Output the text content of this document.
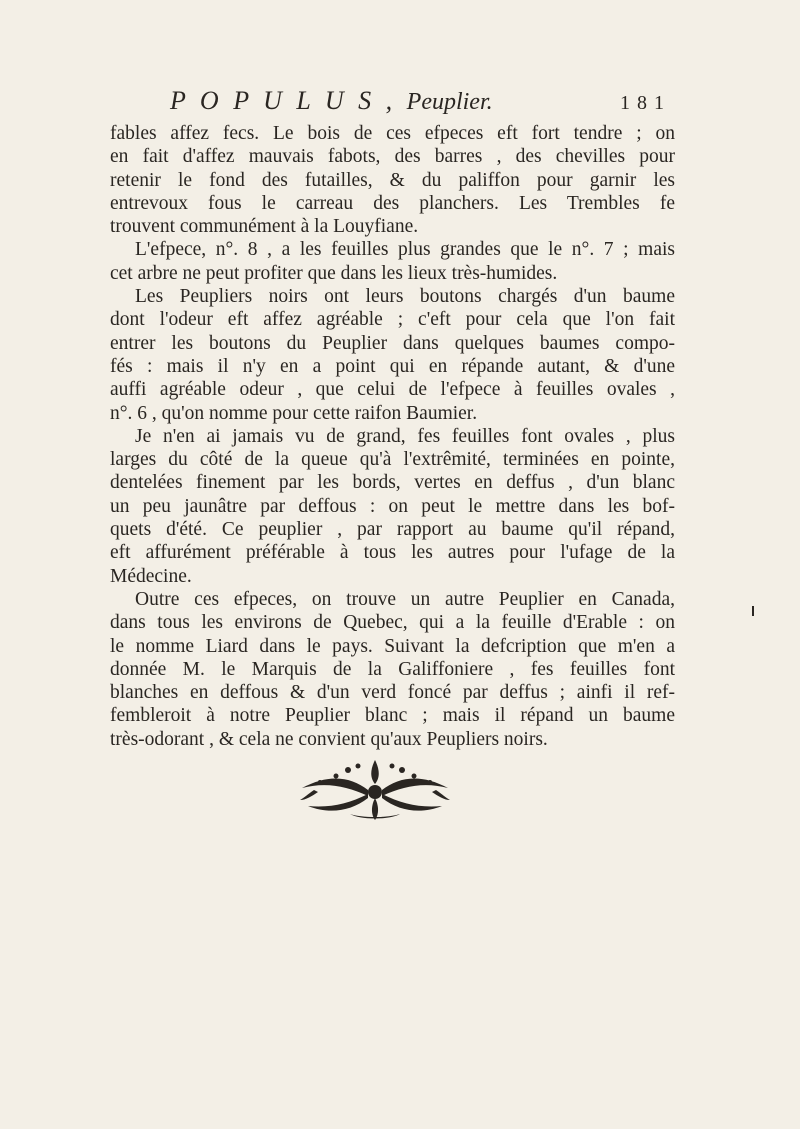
P O P U L U S , Peuplier.	1 8 1
fables affez fecs. Le bois de ces efpeces eft fort tendre ; on
en fait d'affez mauvais fabots, des barres , des chevilles pour
retenir le fond des futailles, & du paliffon pour garnir les
entrevoux fous le carreau des planchers. Les Trembles fe
trouvent communément à la Louyfiane.
L'efpece, n°. 8 , a les feuilles plus grandes que le n°. 7 ; mais
cet arbre ne peut profiter que dans les lieux très-humides.
Les Peupliers noirs ont leurs boutons chargés d'un baume
dont l'odeur eft affez agréable ; c'eft pour cela que l'on fait
entrer les boutons du Peuplier dans quelques baumes compo-
fés : mais il n'y en a point qui en répande autant, & d'une
auffi agréable odeur , que celui de l'efpece à feuilles ovales ,
n°. 6 , qu'on nomme pour cette raifon Baumier.
Je n'en ai jamais vu de grand, fes feuilles font ovales , plus
larges du côté de la queue qu'à l'extrêmité, terminées en pointe,
dentelées finement par les bords, vertes en deffus , d'un blanc
un peu jaunâtre par deffous : on peut le mettre dans les bof-
quets d'été. Ce peuplier , par rapport au baume qu'il répand,
eft affurément préférable à tous les autres pour l'ufage de la
Médecine.
Outre ces efpeces, on trouve un autre Peuplier en Canada,
dans tous les environs de Quebec, qui a la feuille d'Erable : on
le nomme Liard dans le pays. Suivant la defcription que m'en a
donnée M. le Marquis de la Galiffoniere , fes feuilles font
blanches en deffous & d'un verd foncé par deffus ; ainfi il ref-
fembleroit à notre Peuplier blanc ; mais il répand un baume
très-odorant , & cela ne convient qu'aux Peupliers noirs.
